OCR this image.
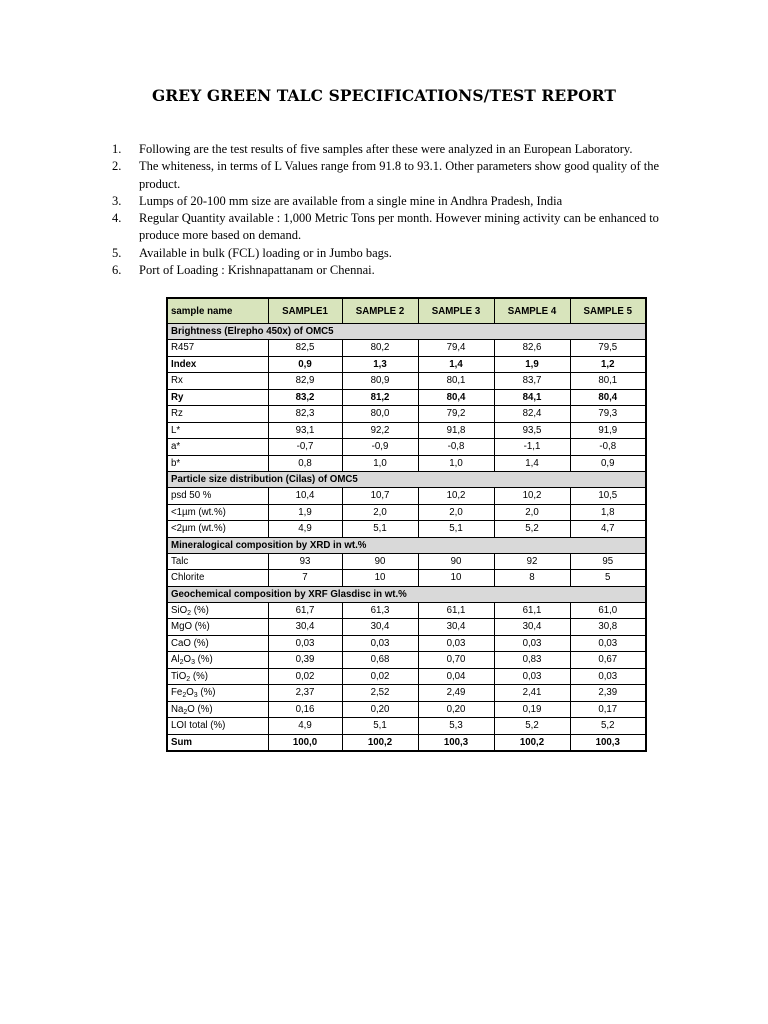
GREY GREEN TALC SPECIFICATIONS/TEST REPORT
1.	Following are the test results of five samples after these were analyzed in an European Laboratory.
2.	The whiteness, in terms of L Values range from 91.8 to 93.1. Other parameters show good quality of the product.
3.	Lumps of 20-100 mm size are available from a single mine in Andhra Pradesh, India
4.	Regular Quantity available : 1,000 Metric Tons per month. However mining activity can be enhanced to produce more based on demand.
5.	Available in bulk (FCL) loading or in Jumbo bags.
6.	Port of Loading : Krishnapattanam or Chennai.
sample name	SAMPLE1	SAMPLE 2	SAMPLE 3	SAMPLE 4	SAMPLE 5
Brightness (Elrepho 450x) of OMC5					
R457	82,5	80,2	79,4	82,6	79,5
Index	0,9	1,3	1,4	1,9	1,2
Rx	82,9	80,9	80,1	83,7	80,1
Ry	83,2	81,2	80,4	84,1	80,4
Rz	82,3	80,0	79,2	82,4	79,3
L*	93,1	92,2	91,8	93,5	91,9
a*	-0,7	-0,9	-0,8	-1,1	-0,8
b*	0,8	1,0	1,0	1,4	0,9
Particle size distribution (Cilas) of OMC5					
psd 50 %	10,4	10,7	10,2	10,2	10,5
<1µm (wt.%)	1,9	2,0	2,0	2,0	1,8
<2µm (wt.%)	4,9	5,1	5,1	5,2	4,7
Mineralogical composition by XRD in wt.%					
Talc	93	90	90	92	95
Chlorite	7	10	10	8	5
Geochemical composition by XRF Glasdisc in wt.%					
SiO$_2$ (%)	61,7	61,3	61,1	61,1	61,0
MgO (%)	30,4	30,4	30,4	30,4	30,8
CaO (%)	0,03	0,03	0,03	0,03	0,03
$Al_2O_3$ (%)	0,39	0,68	0,70	0,83	0,67
TiO$_2$ (%)	0,02	0,02	0,04	0,03	0,03
$Fe_2O_3$ (%)	2,37	2,52	2,49	2,41	2,39
$Na_2O$ (%)	0,16	0,20	0,20	0,19	0,17
LOI total (%)	4,9	5,1	5,3	5,2	5,2
Sum	100,0	100,2	100,3	100,2	100,3
